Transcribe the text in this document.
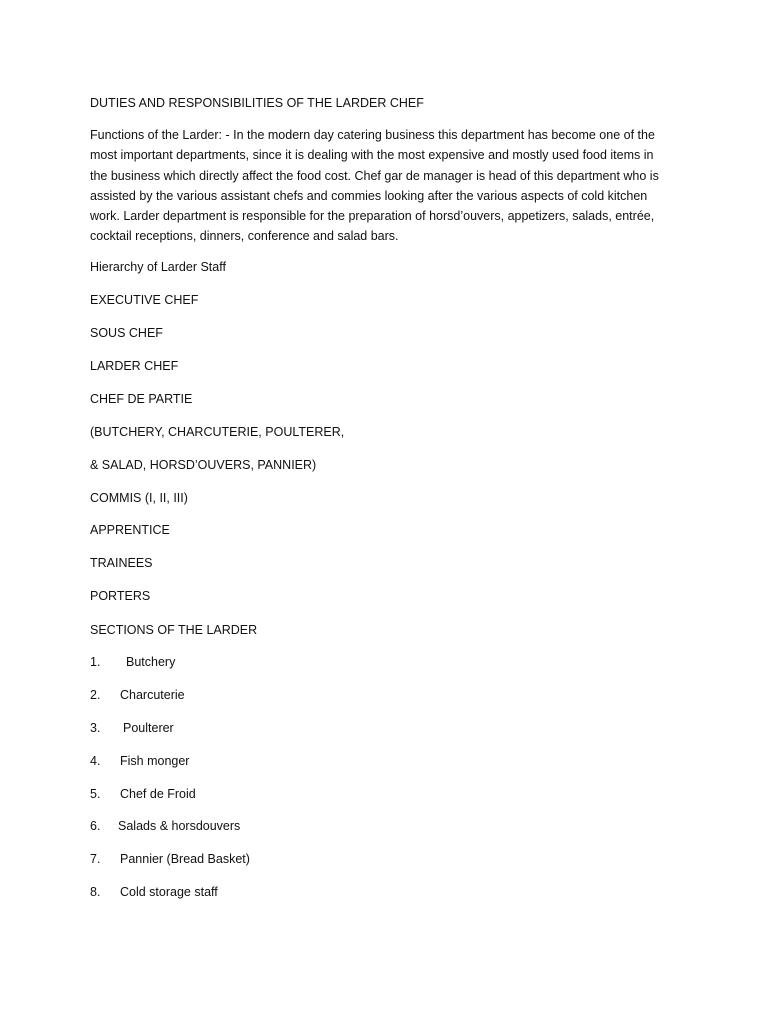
DUTIES AND RESPONSIBILITIES OF THE LARDER CHEF
Functions of the Larder: - In the modern day catering business this department has become one of the
most important departments, since it is dealing with the most expensive and mostly used food items in
the business which directly affect the food cost. Chef gar de manager is head of this department who is
assisted by the various assistant chefs and commies looking after the various aspects of cold kitchen
work. Larder department is responsible for the preparation of horsd’ouvers, appetizers, salads, entrée,
cocktail receptions, dinners, conference and salad bars.
Hierarchy of Larder Staff
EXECUTIVE CHEF
SOUS CHEF
LARDER CHEF
CHEF DE PARTIE
(BUTCHERY, CHARCUTERIE, POULTERER,
& SALAD, HORSD’OUVERS, PANNIER)
COMMIS (I, II, III)
APPRENTICE
TRAINEES
PORTERS
SECTIONS OF THE LARDER
1. Butchery
2. Charcuterie
3. Poulterer
4. Fish monger
5. Chef de Froid
6. Salads & horsdouvers
7. Pannier (Bread Basket)
8. Cold storage staff
